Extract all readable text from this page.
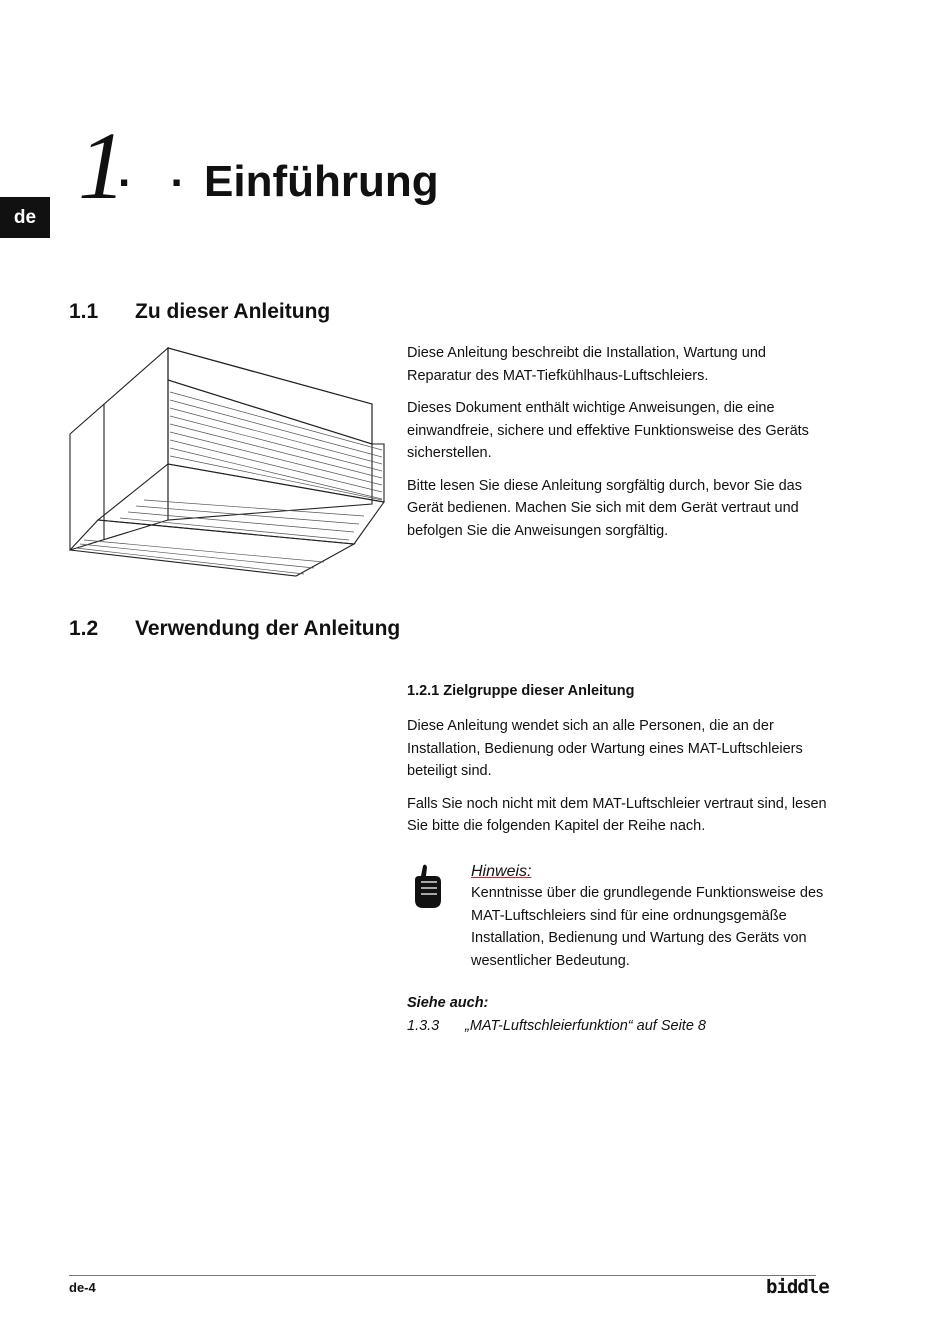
de 1
. . Einführung
1.1 Zu dieser Anleitung

Diese Anleitung beschreibt die Installation, Wartung und Reparatur des MAT-Tiefkühlhaus-Luftschleiers.

Dieses Dokument enthält wichtige Anweisungen, die eine einwandfreie, sichere und effektive Funktionsweise des Geräts sicherstellen.

Bitte lesen Sie diese Anleitung sorgfältig durch, bevor Sie das Gerät bedienen. Machen Sie sich mit dem Gerät vertraut und befolgen Sie die Anweisungen sorgfältig.

1.2 Verwendung der Anleitung
1.2.1 Zielgruppe dieser Anleitung

Diese Anleitung wendet sich an alle Personen, die an der Installation, Bedienung oder Wartung eines MAT-Luftschleiers beteiligt sind.

Falls Sie noch nicht mit dem MAT-Luftschleier vertraut sind, lesen Sie bitte die folgenden Kapitel der Reihe nach.

Hinweis:
Kenntnisse über die grundlegende Funktionsweise des MAT-Luftschleiers sind für eine ordnungsgemäße Installation, Bedienung und Wartung des Geräts von wesentlicher Bedeutung.
Siehe auch:
1.3.3 „MAT-Luftschleierfunktion“ auf Seite 8
de-4	biddle
